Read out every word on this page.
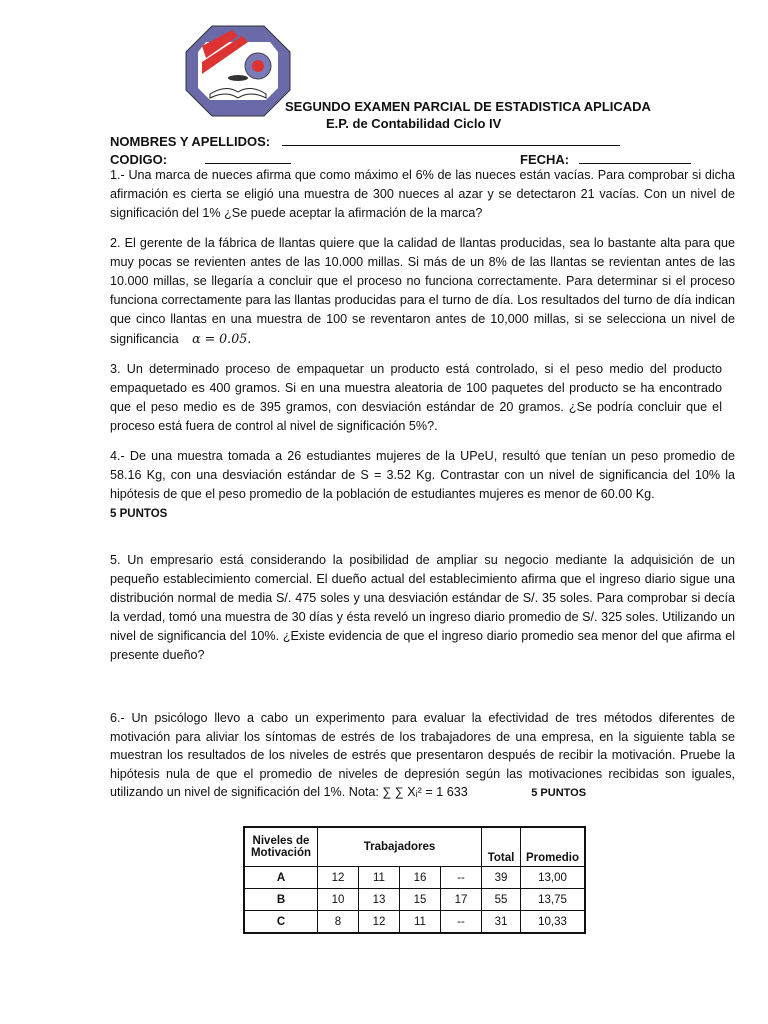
SEGUNDO EXAMEN PARCIAL DE ESTADISTICA APLICADA
E.P. de Contabilidad Ciclo IV
NOMBRES Y APELLIDOS:
CODIGO:	FECHA:
1.- Una marca de nueces afirma que como máximo el 6% de las nueces están vacías. Para comprobar si dicha afirmación es cierta se eligió una muestra de 300 nueces al azar y se detectaron 21 vacías. Con un nivel de significación del 1% ¿Se puede aceptar la afirmación de la marca?
2. El gerente de la fábrica de llantas quiere que la calidad de llantas producidas, sea lo bastante alta para que muy pocas se revienten antes de las 10.000 millas. Si más de un 8% de las llantas se revientan antes de las 10.000 millas, se llegaría a concluir que el proceso no funciona correctamente. Para determinar si el proceso funciona correctamente para las llantas producidas para el turno de día. Los resultados del turno de día indican que cinco llantas en una muestra de 100 se reventaron antes de 10,000 millas, si se selecciona un nivel de significancia α = 0.05.
3. Un determinado proceso de empaquetar un producto está controlado, si el peso medio del producto empaquetado es 400 gramos. Si en una muestra aleatoria de 100 paquetes del producto se ha encontrado que el peso medio es de 395 gramos, con desviación estándar de 20 gramos. ¿Se podría concluir que el proceso está fuera de control al nivel de significación 5%?.
4.- De una muestra tomada a 26 estudiantes mujeres de la UPeU, resultó que tenían un peso promedio de 58.16 Kg, con una desviación estándar de S = 3.52 Kg. Contrastar con un nivel de significancia del 10% la hipótesis de que el peso promedio de la población de estudiantes mujeres es menor de 60.00 Kg.
5 PUNTOS
5. Un empresario está considerando la posibilidad de ampliar su negocio mediante la adquisición de un pequeño establecimiento comercial. El dueño actual del establecimiento afirma que el ingreso diario sigue una distribución normal de media S/. 475 soles y una desviación estándar de S/. 35 soles. Para comprobar si decía la verdad, tomó una muestra de 30 días y ésta reveló un ingreso diario promedio de S/. 325 soles. Utilizando un nivel de significancia del 10%. ¿Existe evidencia de que el ingreso diario promedio sea menor del que afirma el presente dueño?
6.- Un psicólogo llevo a cabo un experimento para evaluar la efectividad de tres métodos diferentes de motivación para aliviar los síntomas de estrés de los trabajadores de una empresa, en la siguiente tabla se muestran los resultados de los niveles de estrés que presentaron después de recibir la motivación. Pruebe la hipótesis nula de que el promedio de niveles de depresión según las motivaciones recibidas son iguales, utilizando un nivel de significación del 1%. Nota: ∑ ∑ Xᵢ² = 1 633	5 PUNTOS
Niveles de Motivación	Trabajadores				Total	Promedio
A	12	11	16	--	39	13,00
B	10	13	15	17	55	13,75
C	8	12	11	--	31	10,33
